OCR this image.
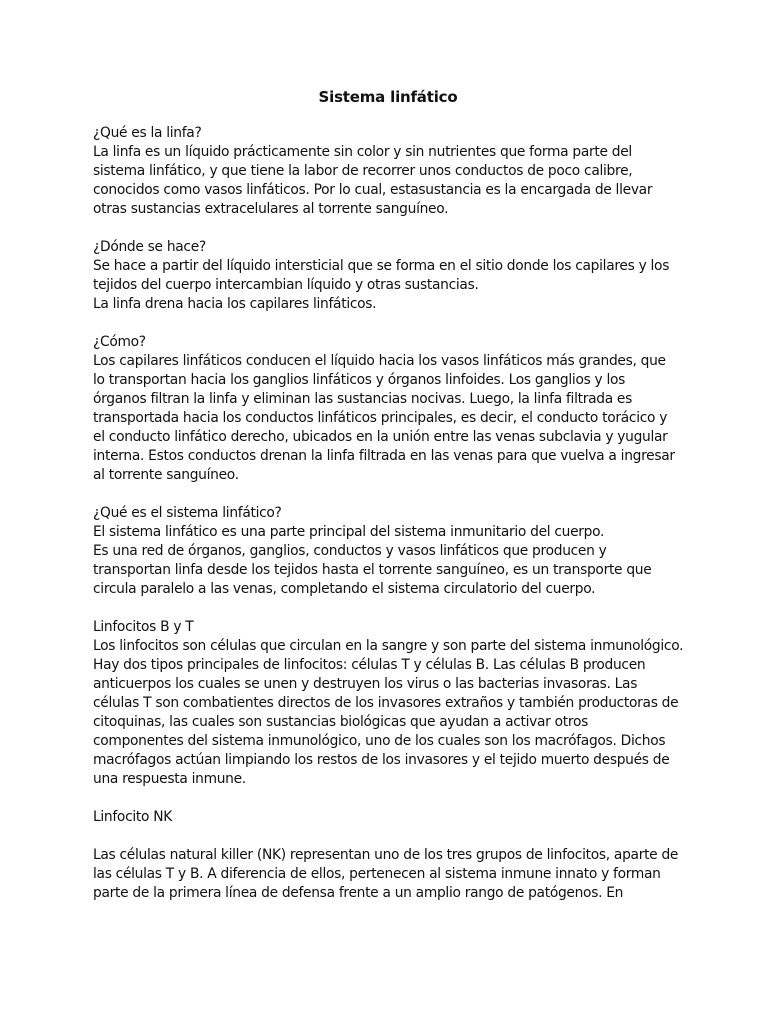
Sistema linfático

¿Qué es la linfa?

La linfa es un líquido prácticamente sin color y sin nutrientes que forma parte del

sistema linfático, y que tiene la labor de recorrer unos conductos de poco calibre,

conocidos como vasos linfáticos. Por lo cual, estasustancia es la encargada de llevar

otras sustancias extracelulares al torrente sanguíneo.

¿Dónde se hace?

Se hace a partir del líquido intersticial que se forma en el sitio donde los capilares y los

tejidos del cuerpo intercambian líquido y otras sustancias.

La linfa drena hacia los capilares linfáticos.

¿Cómo?

Los capilares linfáticos conducen el líquido hacia los vasos linfáticos más grandes, que

lo transportan hacia los ganglios linfáticos y órganos linfoides. Los ganglios y los

órganos filtran la linfa y eliminan las sustancias nocivas. Luego, la linfa filtrada es

transportada hacia los conductos linfáticos principales, es decir, el conducto torácico y

el conducto linfático derecho, ubicados en la unión entre las venas subclavia y yugular

interna. Estos conductos drenan la linfa filtrada en las venas para que vuelva a ingresar

al torrente sanguíneo.

¿Qué es el sistema linfático?

El sistema linfático es una parte principal del sistema inmunitario del cuerpo.

Es una red de órganos, ganglios, conductos y vasos linfáticos que producen y

transportan linfa desde los tejidos hasta el torrente sanguíneo, es un transporte que

circula paralelo a las venas, completando el sistema circulatorio del cuerpo.

Linfocitos B y T

Los linfocitos son células que circulan en la sangre y son parte del sistema inmunológico.

Hay dos tipos principales de linfocitos: células T y células B. Las células B producen

anticuerpos los cuales se unen y destruyen los virus o las bacterias invasoras. Las

células T son combatientes directos de los invasores extraños y también productoras de

citoquinas, las cuales son sustancias biológicas que ayudan a activar otros

componentes del sistema inmunológico, uno de los cuales son los macrófagos. Dichos

macrófagos actúan limpiando los restos de los invasores y el tejido muerto después de

una respuesta inmune.

Linfocito NK

Las células natural killer (NK) representan uno de los tres grupos de linfocitos, aparte de

las células T y B. A diferencia de ellos, pertenecen al sistema inmune innato y forman

parte de la primera línea de defensa frente a un amplio rango de patógenos. En
